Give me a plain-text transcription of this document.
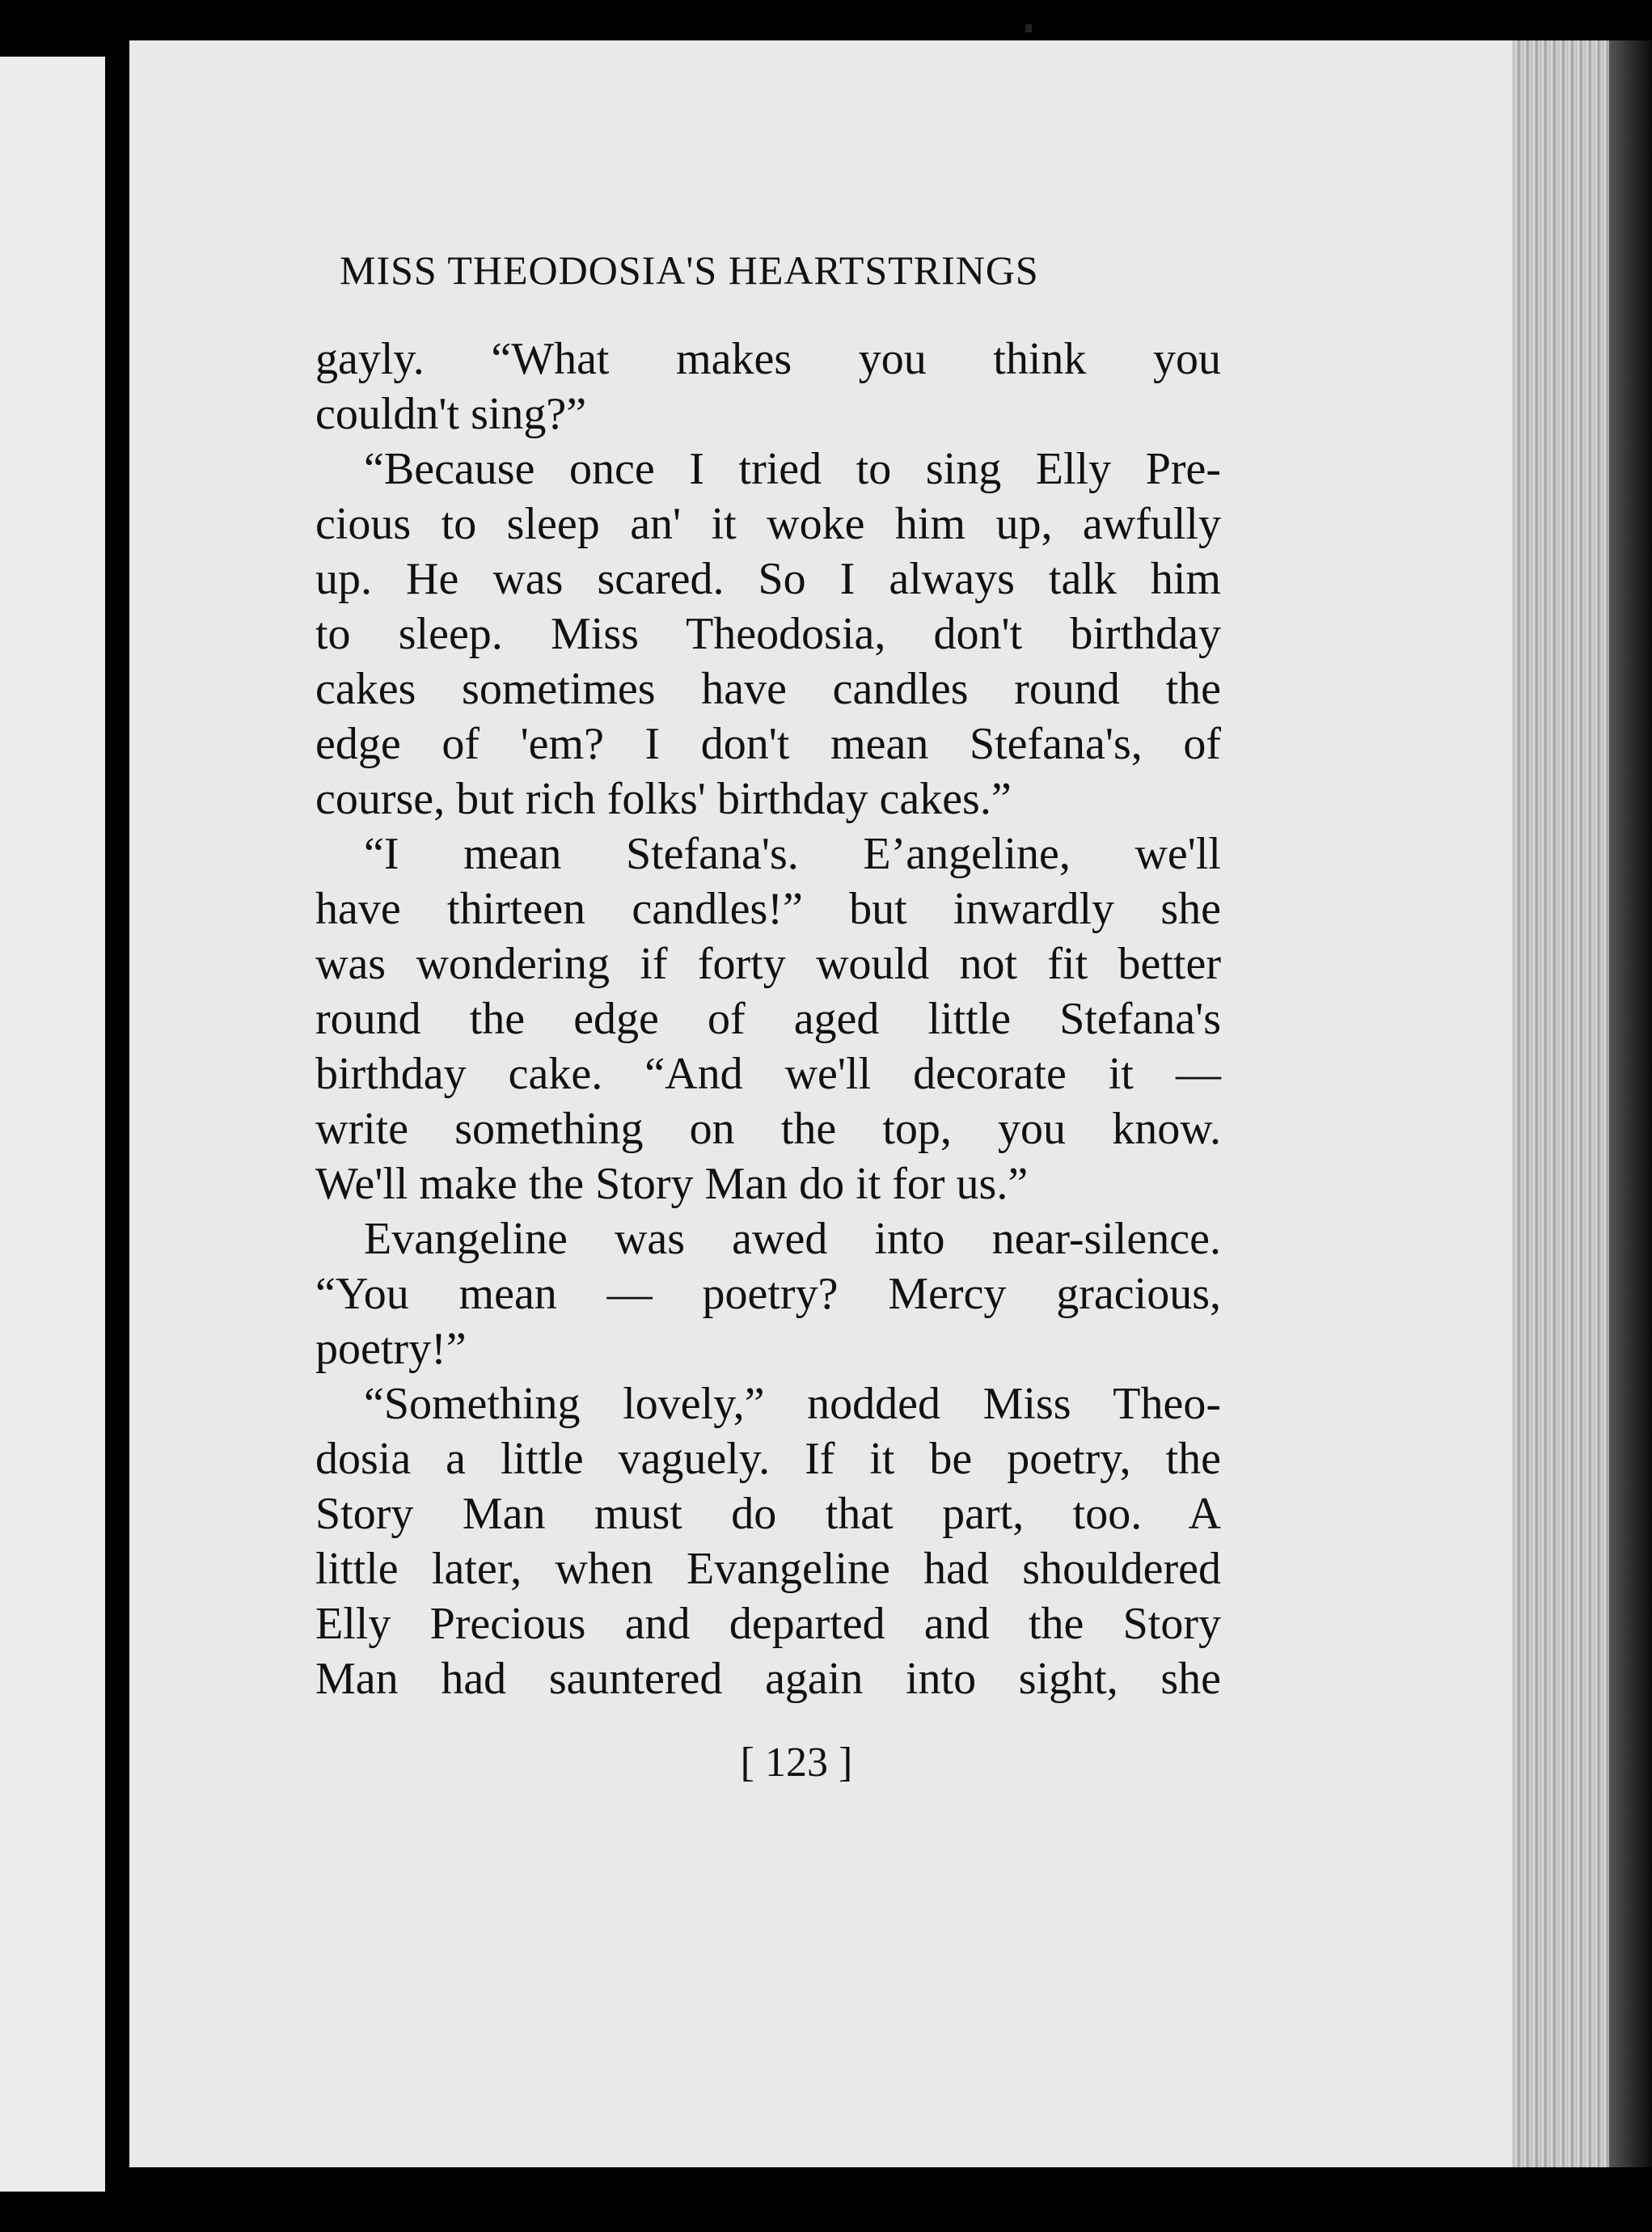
MISS THEODOSIA'S HEARTSTRINGS
gayly. “What makes you think you
couldn't sing?”
“Because once I tried to sing Elly Pre-
cious to sleep an' it woke him up, awfully
up. He was scared. So I always talk him
to sleep. Miss Theodosia, don't birthday
cakes sometimes have candles round the
edge of 'em? I don't mean Stefana's, of
course, but rich folks' birthday cakes.”
“I mean Stefana's. E’angeline, we'll
have thirteen candles!” but inwardly she
was wondering if forty would not fit better
round the edge of aged little Stefana's
birthday cake. “And we'll decorate it —
write something on the top, you know.
We'll make the Story Man do it for us.”
Evangeline was awed into near-silence.
“You mean — poetry? Mercy gracious,
poetry!”
“Something lovely,” nodded Miss Theo-
dosia a little vaguely. If it be poetry, the
Story Man must do that part, too. A
little later, when Evangeline had shouldered
Elly Precious and departed and the Story
Man had sauntered again into sight, she
[ 123 ]
